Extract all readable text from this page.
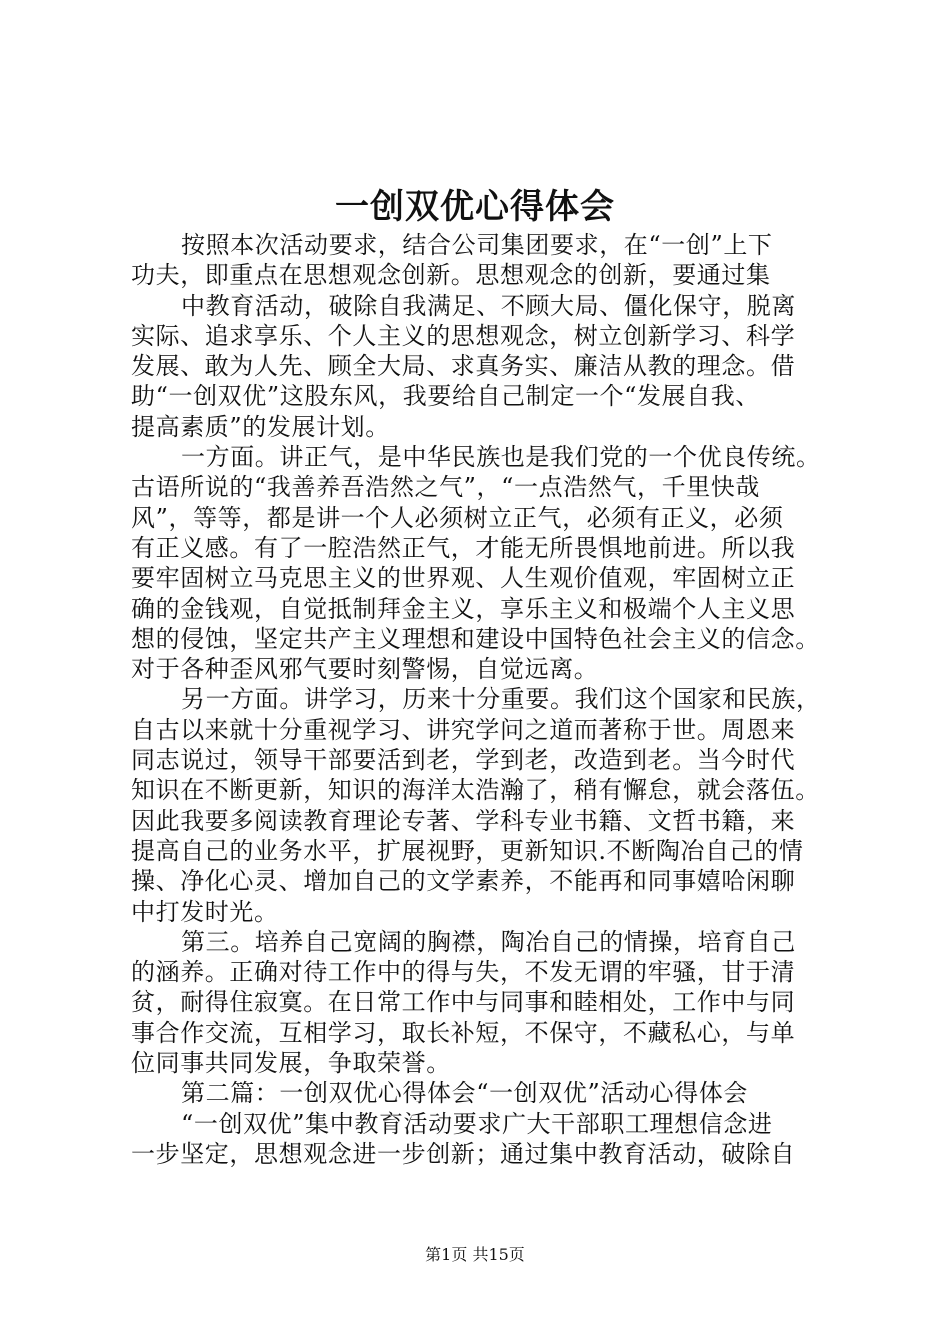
一创双优心得体会
按照本次活动要求，结合公司集团要求，在“一创”上下
功夫，即重点在思想观念创新。思想观念的创新，要通过集
中教育活动，破除自我满足、不顾大局、僵化保守，脱离
实际、追求享乐、个人主义的思想观念，树立创新学习、科学
发展、敢为人先、顾全大局、求真务实、廉洁从教的理念。借
助“一创双优”这股东风，我要给自己制定一个“发展自我、
提高素质”的发展计划。
一方面。讲正气，是中华民族也是我们党的一个优良传统。
古语所说的“我善养吾浩然之气”，“一点浩然气，千里快哉
风”，等等，都是讲一个人必须树立正气，必须有正义，必须
有正义感。有了一腔浩然正气，才能无所畏惧地前进。所以我
要牢固树立马克思主义的世界观、人生观价值观，牢固树立正
确的金钱观，自觉抵制拜金主义，享乐主义和极端个人主义思
想的侵蚀，坚定共产主义理想和建设中国特色社会主义的信念。
对于各种歪风邪气要时刻警惕，自觉远离。
另一方面。讲学习，历来十分重要。我们这个国家和民族，
自古以来就十分重视学习、讲究学问之道而著称于世。周恩来
同志说过，领导干部要活到老，学到老，改造到老。当今时代
知识在不断更新，知识的海洋太浩瀚了，稍有懈怠，就会落伍。
因此我要多阅读教育理论专著、学科专业书籍、文哲书籍，来
提高自己的业务水平，扩展视野，更新知识.不断陶冶自己的情
操、净化心灵、增加自己的文学素养，不能再和同事嬉哈闲聊
中打发时光。
第三。培养自己宽阔的胸襟，陶冶自己的情操，培育自己
的涵养。正确对待工作中的得与失，不发无谓的牢骚，甘于清
贫，耐得住寂寞。在日常工作中与同事和睦相处，工作中与同
事合作交流，互相学习，取长补短，不保守，不藏私心，与单
位同事共同发展，争取荣誉。
第二篇：一创双优心得体会“一创双优”活动心得体会
“一创双优”集中教育活动要求广大干部职工理想信念进
一步坚定，思想观念进一步创新；通过集中教育活动，破除自

第1页 共15页
